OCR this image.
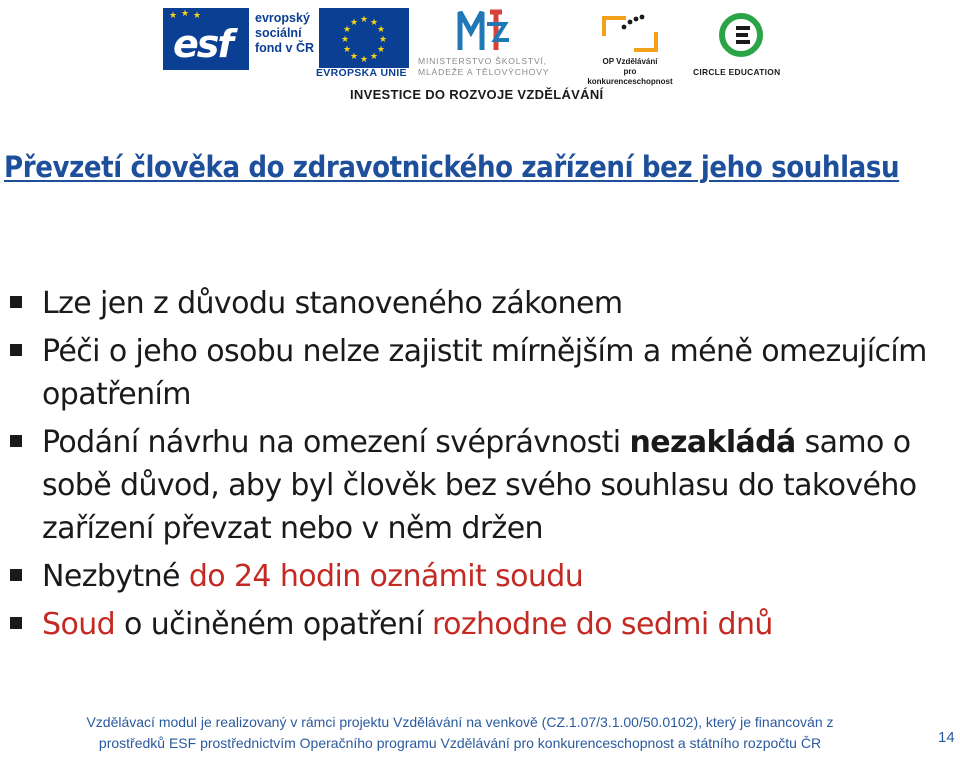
esf
★ ★ ★	evropský
sociální
fond v ČR
★ ★
★
★
★
★
★
★
★
★
★
★
EVROPSKÁ UNIE
MINISTERSTVO ŠKOLSTVÍ,
MLÁDEŽE A TĚLOVÝCHOVY
OP Vzdělávání
pro konkurenceschopnost
CIRCLE EDUCATION
INVESTICE DO ROZVOJE VZDĚLÁVÁNÍ
Převzetí člověka do zdravotnického zařízení bez jeho souhlasu
Lze jen z důvodu stanoveného zákonem
Péči o jeho osobu nelze zajistit mírnějším a méně omezujícím opatřením
Podání návrhu na omezení svéprávnosti nezakládá samo o sobě důvod, aby byl člověk bez svého souhlasu do takového zařízení převzat nebo v něm držen
Nezbytné do 24 hodin oznámit soudu
Soud o učiněném opatření rozhodne do sedmi dnů
Vzdělávací modul je realizovaný v rámci projektu Vzdělávání na venkově (CZ.1.07/3.1.00/50.0102), který je financován z
prostředků ESF prostřednictvím Operačního programu Vzdělávání pro konkurenceschopnost a státního rozpočtu ČR	14
